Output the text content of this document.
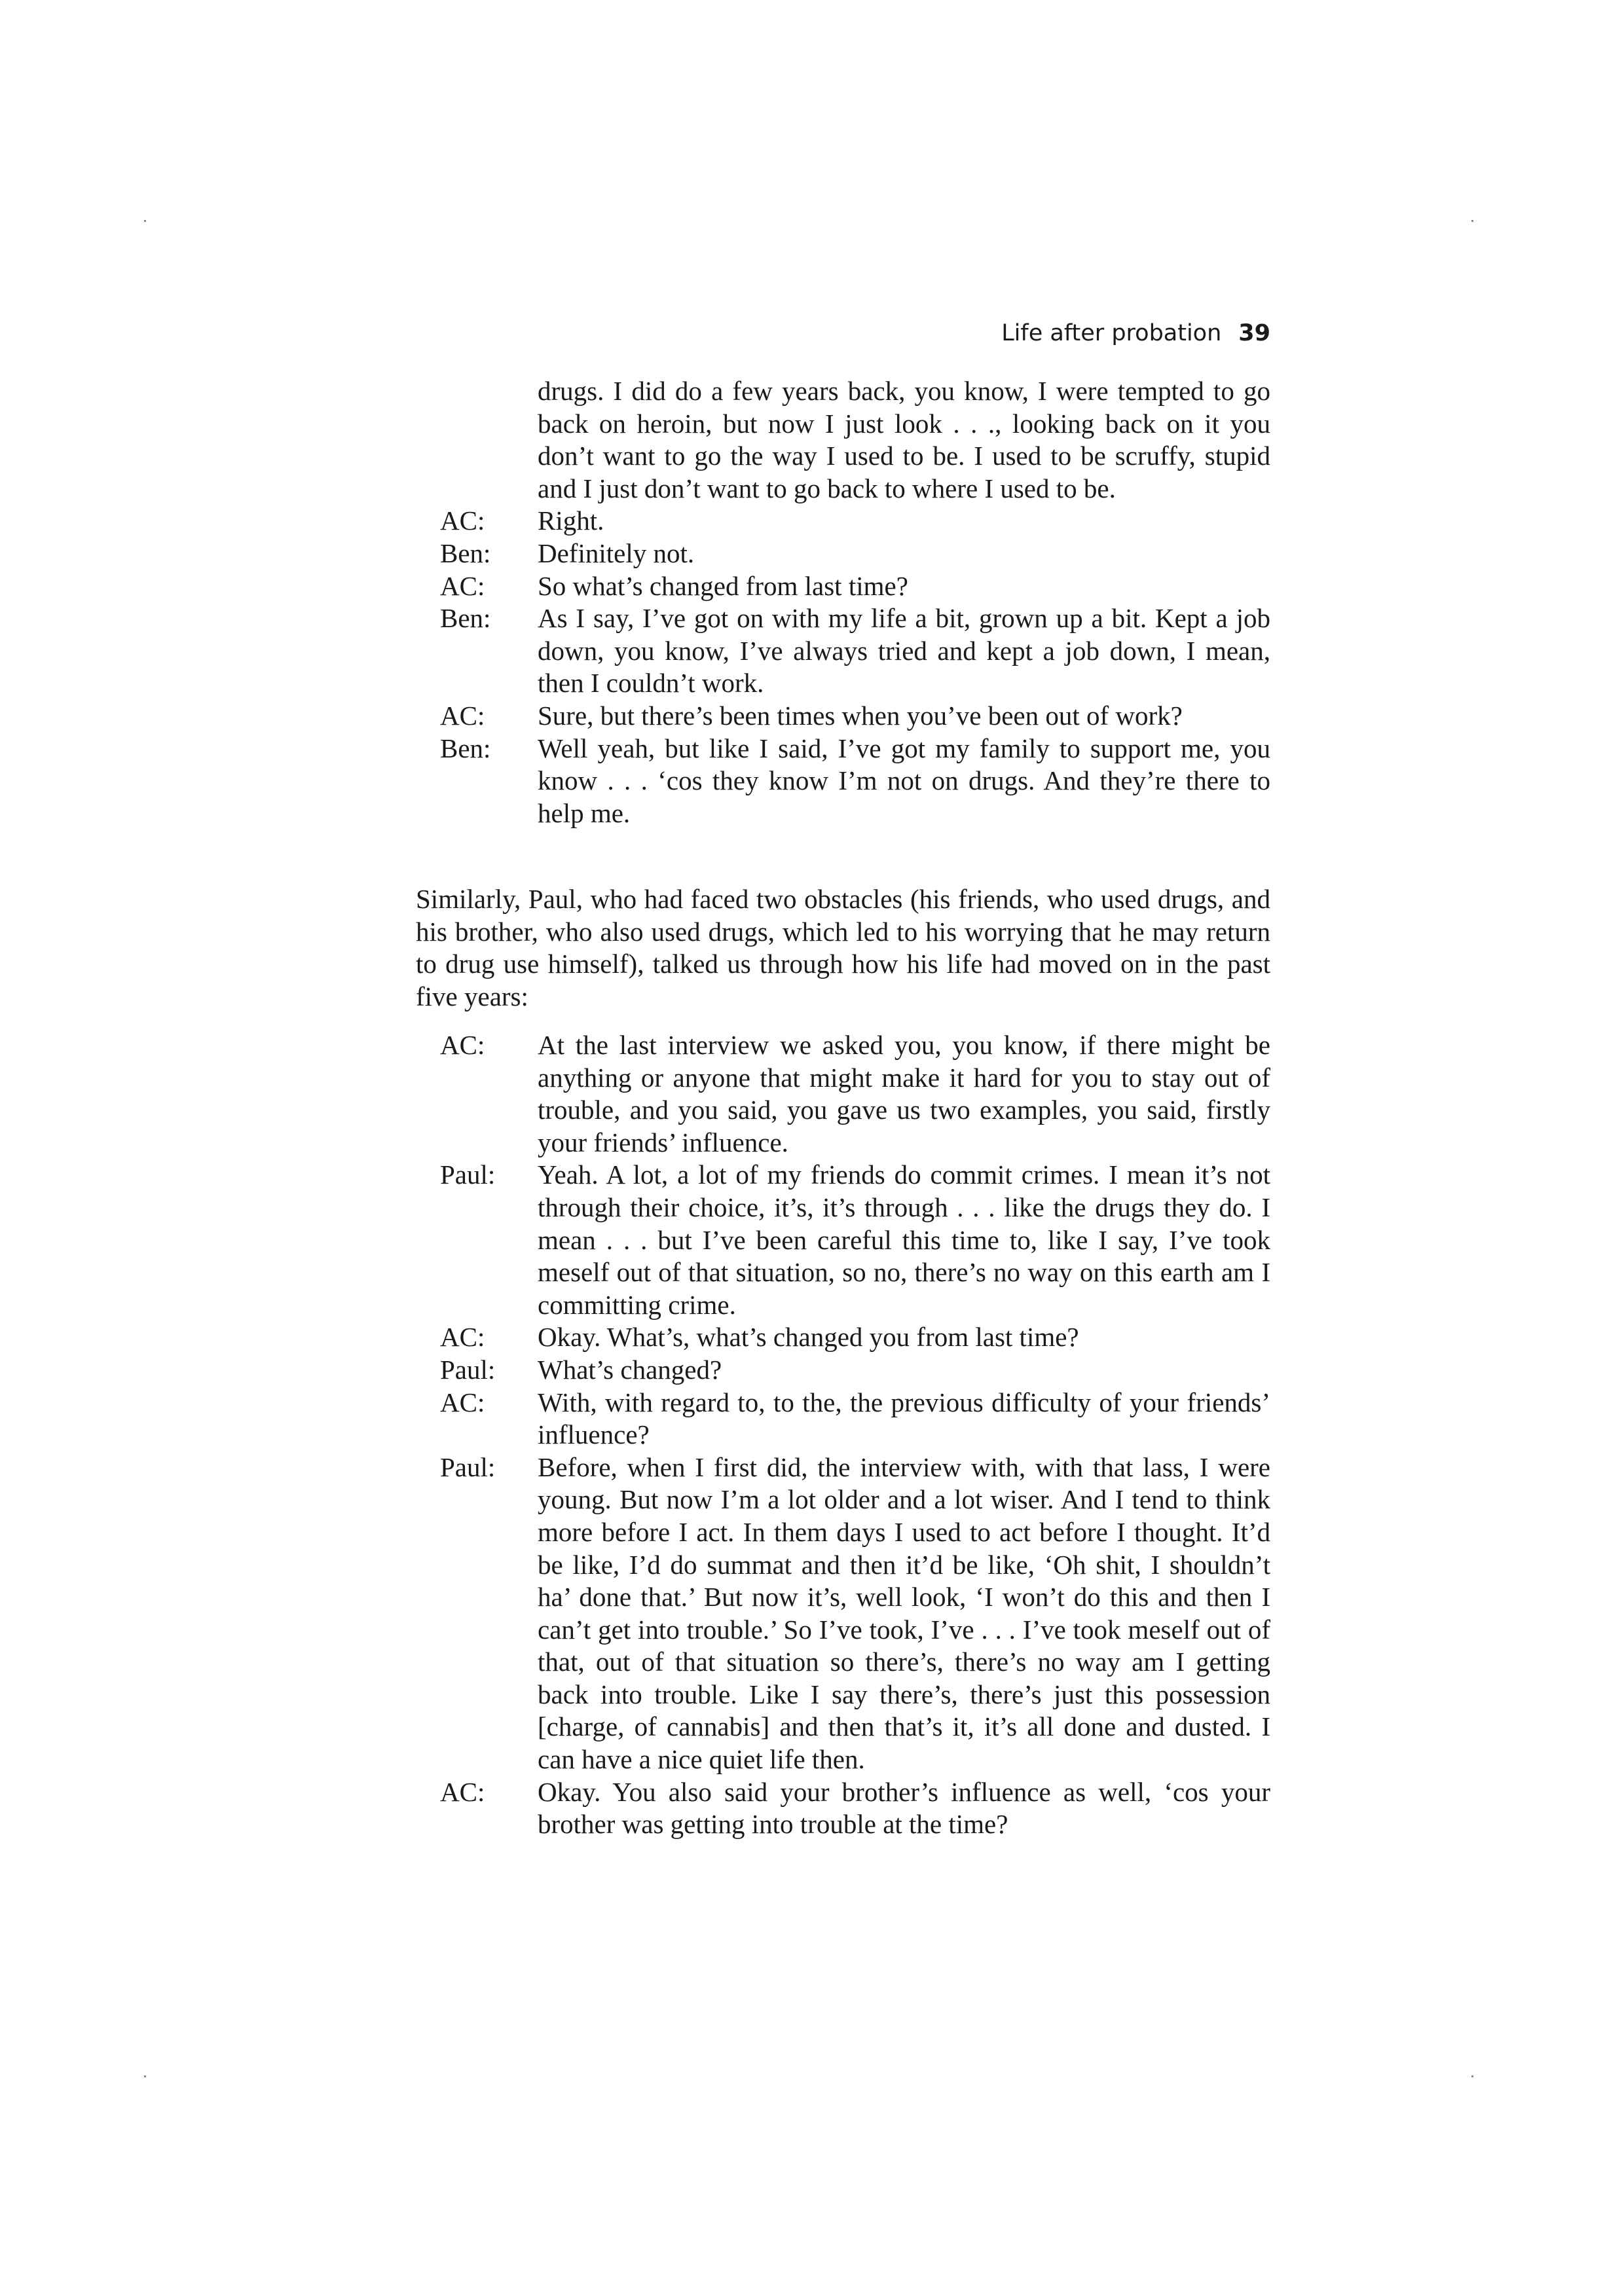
Life after probation 39
drugs. I did do a few years back, you know, I were tempted to go back on heroin, but now I just look . . ., looking back on it you don’t want to go the way I used to be. I used to be scruffy, stupid and I just don’t want to go back to where I used to be.
AC:	Right.
Ben:	Definitely not.
AC:	So what’s changed from last time?
Ben:	As I say, I’ve got on with my life a bit, grown up a bit. Kept a job down, you know, I’ve always tried and kept a job down, I mean, then I couldn’t work.
AC:	Sure, but there’s been times when you’ve been out of work?
Ben:	Well yeah, but like I said, I’ve got my family to support me, you know . . . ‘cos they know I’m not on drugs. And they’re there to help me.
Similarly, Paul, who had faced two obstacles (his friends, who used drugs, and his brother, who also used drugs, which led to his worrying that he may return to drug use himself), talked us through how his life had moved on in the past five years:
AC:	At the last interview we asked you, you know, if there might be anything or anyone that might make it hard for you to stay out of trouble, and you said, you gave us two examples, you said, firstly your friends’ influence.
Paul:	Yeah. A lot, a lot of my friends do commit crimes. I mean it’s not through their choice, it’s, it’s through . . . like the drugs they do. I mean . . . but I’ve been careful this time to, like I say, I’ve took meself out of that situation, so no, there’s no way on this earth am I committing crime.
AC:	Okay. What’s, what’s changed you from last time?
Paul:	What’s changed?
AC:	With, with regard to, to the, the previous difficulty of your friends’ influence?
Paul:	Before, when I first did, the interview with, with that lass, I were young. But now I’m a lot older and a lot wiser. And I tend to think more before I act. In them days I used to act before I thought. It’d be like, I’d do summat and then it’d be like, ‘Oh shit, I shouldn’t ha’ done that.’ But now it’s, well look, ‘I won’t do this and then I can’t get into trouble.’ So I’ve took, I’ve . . . I’ve took meself out of that, out of that situation so there’s, there’s no way am I getting back into trouble. Like I say there’s, there’s just this possession [charge, of cannabis] and then that’s it, it’s all done and dusted. I can have a nice quiet life then.
AC:	Okay. You also said your brother’s influence as well, ‘cos your brother was getting into trouble at the time?
